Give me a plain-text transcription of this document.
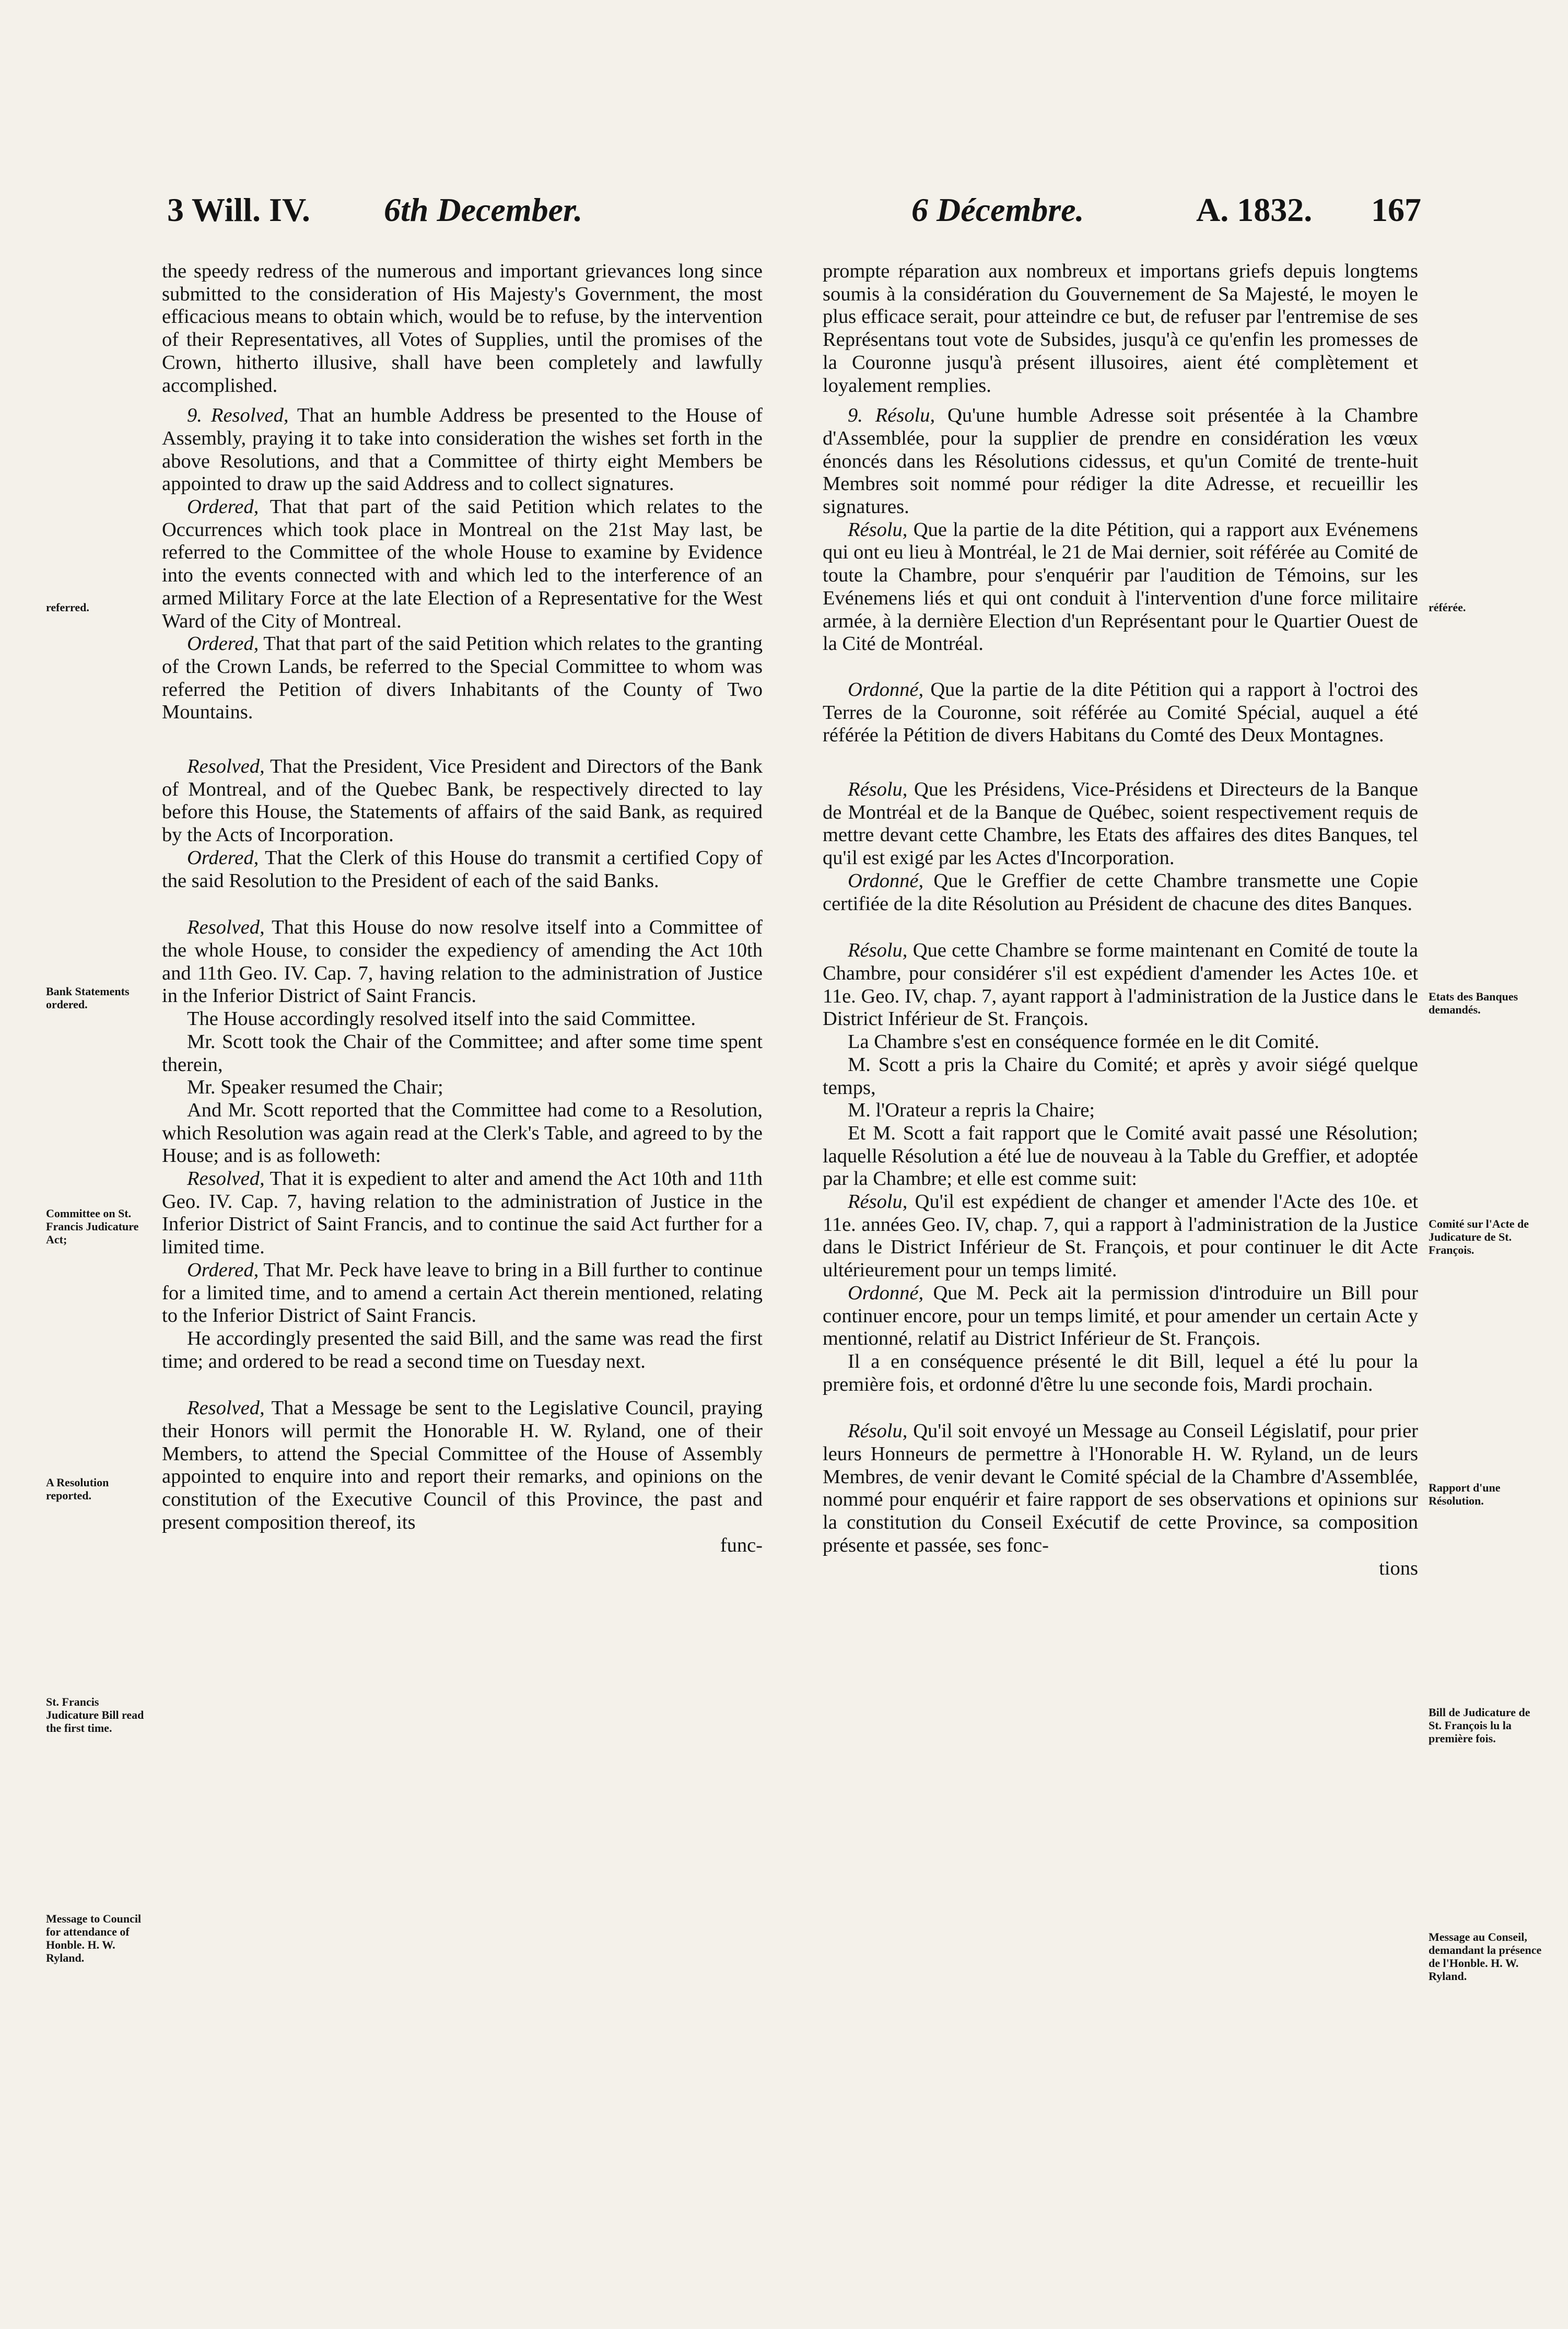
3 Will. IV. 6th December.	6 Décembre.	A. 1832. 167

the speedy redress of the numerous and important grievances long since submitted to the consideration of His Majesty's Government, the most efficacious means to obtain which, would be to refuse, by the intervention of their Representatives, all Votes of Supplies, until the promises of the Crown, hitherto illusive, shall have been completely and lawfully accomplished.

9. Resolved, That an humble Address be presented to the House of Assembly, praying it to take into consideration the wishes set forth in the above Resolutions, and that a Committee of thirty eight Members be appointed to draw up the said Address and to collect signatures.

Ordered, That that part of the said Petition which relates to the Occurrences which took place in Montreal on the 21st May last, be referred to the Committee of the whole House to examine by Evidence into the events connected with and which led to the interference of an armed Military Force at the late Election of a Representative for the West Ward of the City of Montreal.

Ordered, That that part of the said Petition which relates to the granting of the Crown Lands, be referred to the Special Committee to whom was referred the Petition of divers Inhabitants of the County of Two Mountains.

Resolved, That the President, Vice President and Directors of the Bank of Montreal, and of the Quebec Bank, be respectively directed to lay before this House, the Statements of affairs of the said Bank, as required by the Acts of Incorporation.

Ordered, That the Clerk of this House do transmit a certified Copy of the said Resolution to the President of each of the said Banks.

Resolved, That this House do now resolve itself into a Committee of the whole House, to consider the expediency of amending the Act 10th and 11th Geo. IV. Cap. 7, having relation to the administration of Justice in the Inferior District of Saint Francis.

The House accordingly resolved itself into the said Committee.

Mr. Scott took the Chair of the Committee; and after some time spent therein,

Mr. Speaker resumed the Chair;

And Mr. Scott reported that the Committee had come to a Resolution, which Resolution was again read at the Clerk's Table, and agreed to by the House; and is as followeth:

Resolved, That it is expedient to alter and amend the Act 10th and 11th Geo. IV. Cap. 7, having relation to the administration of Justice in the Inferior District of Saint Francis, and to continue the said Act further for a limited time.

Ordered, That Mr. Peck have leave to bring in a Bill further to continue for a limited time, and to amend a certain Act therein mentioned, relating to the Inferior District of Saint Francis.

He accordingly presented the said Bill, and the same was read the first time; and ordered to be read a second time on Tuesday next.

Resolved, That a Message be sent to the Legislative Council, praying their Honors will permit the Honorable H. W. Ryland, one of their Members, to attend the Special Committee of the House of Assembly appointed to enquire into and report their remarks, and opinions on the constitution of the Executive Council of this Province, the past and present composition thereof, its

func-

prompte réparation aux nombreux et importans griefs depuis longtems soumis à la considération du Gouvernement de Sa Majesté, le moyen le plus efficace serait, pour atteindre ce but, de refuser par l'entremise de ses Représentans tout vote de Subsides, jusqu'à ce qu'enfin les promesses de la Couronne jusqu'à présent illusoires, aient été complètement et loyalement remplies.

9. Résolu, Qu'une humble Adresse soit présentée à la Chambre d'Assemblée, pour la supplier de prendre en considération les vœux énoncés dans les Résolutions cidessus, et qu'un Comité de trente-huit Membres soit nommé pour rédiger la dite Adresse, et recueillir les signatures.

Résolu, Que la partie de la dite Pétition, qui a rapport aux Evénemens qui ont eu lieu à Montréal, le 21 de Mai dernier, soit référée au Comité de toute la Chambre, pour s'enquérir par l'audition de Témoins, sur les Evénemens liés et qui ont conduit à l'intervention d'une force militaire armée, à la dernière Election d'un Représentant pour le Quartier Ouest de la Cité de Montréal.

Ordonné, Que la partie de la dite Pétition qui a rapport à l'octroi des Terres de la Couronne, soit référée au Comité Spécial, auquel a été référée la Pétition de divers Habitans du Comté des Deux Montagnes.

Résolu, Que les Présidens, Vice-Présidens et Directeurs de la Banque de Montréal et de la Banque de Québec, soient respectivement requis de mettre devant cette Chambre, les Etats des affaires des dites Banques, tel qu'il est exigé par les Actes d'Incorporation.

Ordonné, Que le Greffier de cette Chambre transmette une Copie certifiée de la dite Résolution au Président de chacune des dites Banques.

Résolu, Que cette Chambre se forme maintenant en Comité de toute la Chambre, pour considérer s'il est expédient d'amender les Actes 10e. et 11e. Geo. IV, chap. 7, ayant rapport à l'administration de la Justice dans le District Inférieur de St. François.

La Chambre s'est en conséquence formée en le dit Comité.

M. Scott a pris la Chaire du Comité; et après y avoir siégé quelque temps,

M. l'Orateur a repris la Chaire;

Et M. Scott a fait rapport que le Comité avait passé une Résolution; laquelle Résolution a été lue de nouveau à la Table du Greffier, et adoptée par la Chambre; et elle est comme suit:

Résolu, Qu'il est expédient de changer et amender l'Acte des 10e. et 11e. années Geo. IV, chap. 7, qui a rapport à l'administration de la Justice dans le District Inférieur de St. François, et pour continuer le dit Acte ultérieurement pour un temps limité.

Ordonné, Que M. Peck ait la permission d'introduire un Bill pour continuer encore, pour un temps limité, et pour amender un certain Acte y mentionné, relatif au District Inférieur de St. François.

Il a en conséquence présenté le dit Bill, lequel a été lu pour la première fois, et ordonné d'être lu une seconde fois, Mardi prochain.

Résolu, Qu'il soit envoyé un Message au Conseil Législatif, pour prier leurs Honneurs de permettre à l'Honorable H. W. Ryland, un de leurs Membres, de venir devant le Comité spécial de la Chambre d'Assemblée, nommé pour enquérir et faire rapport de ses observations et opinions sur la constitution du Conseil Exécutif de cette Province, sa composition présente et passée, ses fonc-

tions

referred.
Bank Statements ordered.
Committee on St. Francis Judicature Act;
A Resolution reported.
St. Francis Judicature Bill read the first time.
Message to Council for attendance of Honble. H. W. Ryland.
référée.
Etats des Banques demandés.
Comité sur l'Acte de Judicature de St. François.
Rapport d'une Résolution.
Bill de Judicature de St. François lu la première fois.
Message au Conseil, demandant la présence de l'Honble. H. W. Ryland.
